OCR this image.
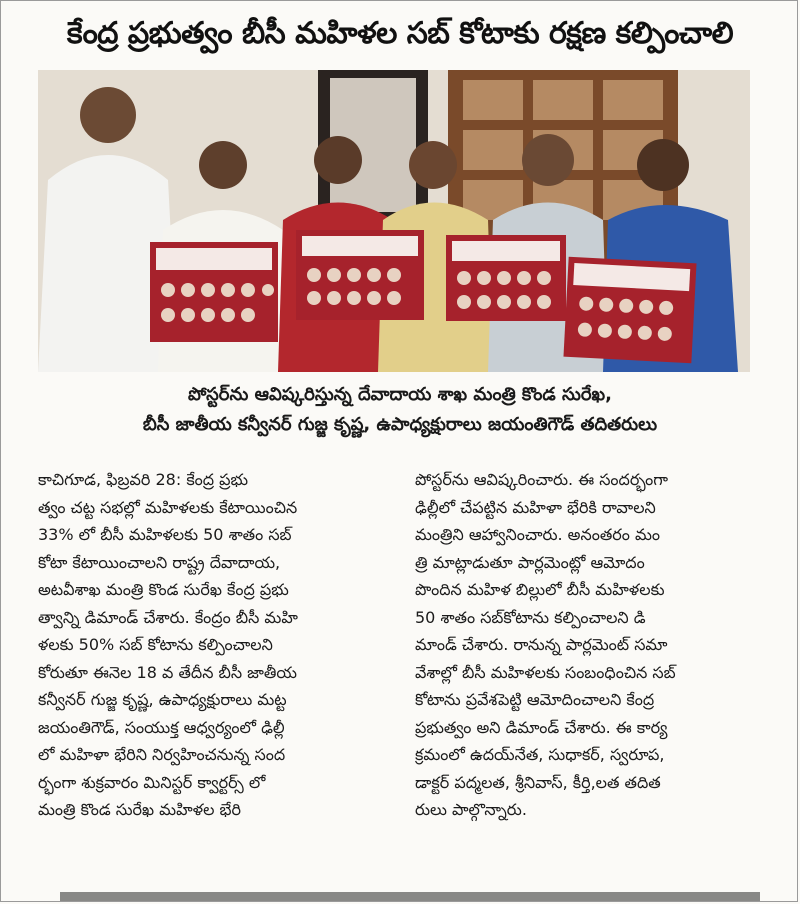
కేంద్ర ప్రభుత్వం బీసీ మహిళల సబ్ కోటాకు రక్షణ కల్పించాలి
పోస్టర్‌ను ఆవిష్కరిస్తున్న దేవాదాయ శాఖ మంత్రి కొండ సురేఖ,
బీసీ జాతీయ కన్వీనర్ గుజ్జ కృష్ణ, ఉపాధ్యక్షురాలు జయంతిగౌడ్ తదితరులు
కాచిగూడ, ఫిబ్రవరి 28: కేంద్ర ప్రభు
త్వం చట్ట సభల్లో మహిళలకు కేటాయించిన
33% లో బీసీ మహిళలకు 50 శాతం సబ్
కోటా కేటాయించాలని రాష్ట్ర దేవాదాయ,
అటవీశాఖ మంత్రి కొండ సురేఖ కేంద్ర ప్రభు
త్వాన్ని డిమాండ్ చేశారు. కేంద్రం బీసీ మహి
ళలకు 50% సబ్ కోటాను కల్పించాలని
కోరుతూ ఈనెల 18 వ తేదీన బీసీ జాతీయ
కన్వీనర్ గుజ్జ కృష్ణ, ఉపాధ్యక్షురాలు మట్ట
జయంతిగౌడ్, సంయుక్త ఆధ్వర్యంలో ఢిల్లీ
లో మహిళా భేరిని నిర్వహించనున్న సంద
ర్భంగా శుక్రవారం మినిస్టర్ క్వార్టర్స్ లో
మంత్రి కొండ సురేఖ మహిళల భేరి
పోస్టర్‌ను ఆవిష్కరించారు. ఈ సందర్భంగా
ఢిల్లీలో చేపట్టిన మహిళా భేరికి రావాలని
మంత్రిని ఆహ్వానించారు. అనంతరం మం
త్రి మాట్లాడుతూ పార్లమెంట్లో ఆమోదం
పొందిన మహిళ బిల్లులో బీసీ మహిళలకు
50 శాతం సబ్‌కోటాను కల్పించాలని డి
మాండ్ చేశారు. రానున్న పార్లమెంట్ సమా
వేశాల్లో బీసీ మహిళలకు సంబంధించిన సబ్
కోటాను ప్రవేశపెట్టి ఆమోదించాలని కేంద్ర
ప్రభుత్వం అని డిమాండ్ చేశారు. ఈ కార్య
క్రమంలో ఉదయ్‌నేత, సుధాకర్, స్వరూప,
డాక్టర్ పద్మలత, శ్రీనివాస్, కీర్తి,లత తదిత
రులు పాల్గొన్నారు.
